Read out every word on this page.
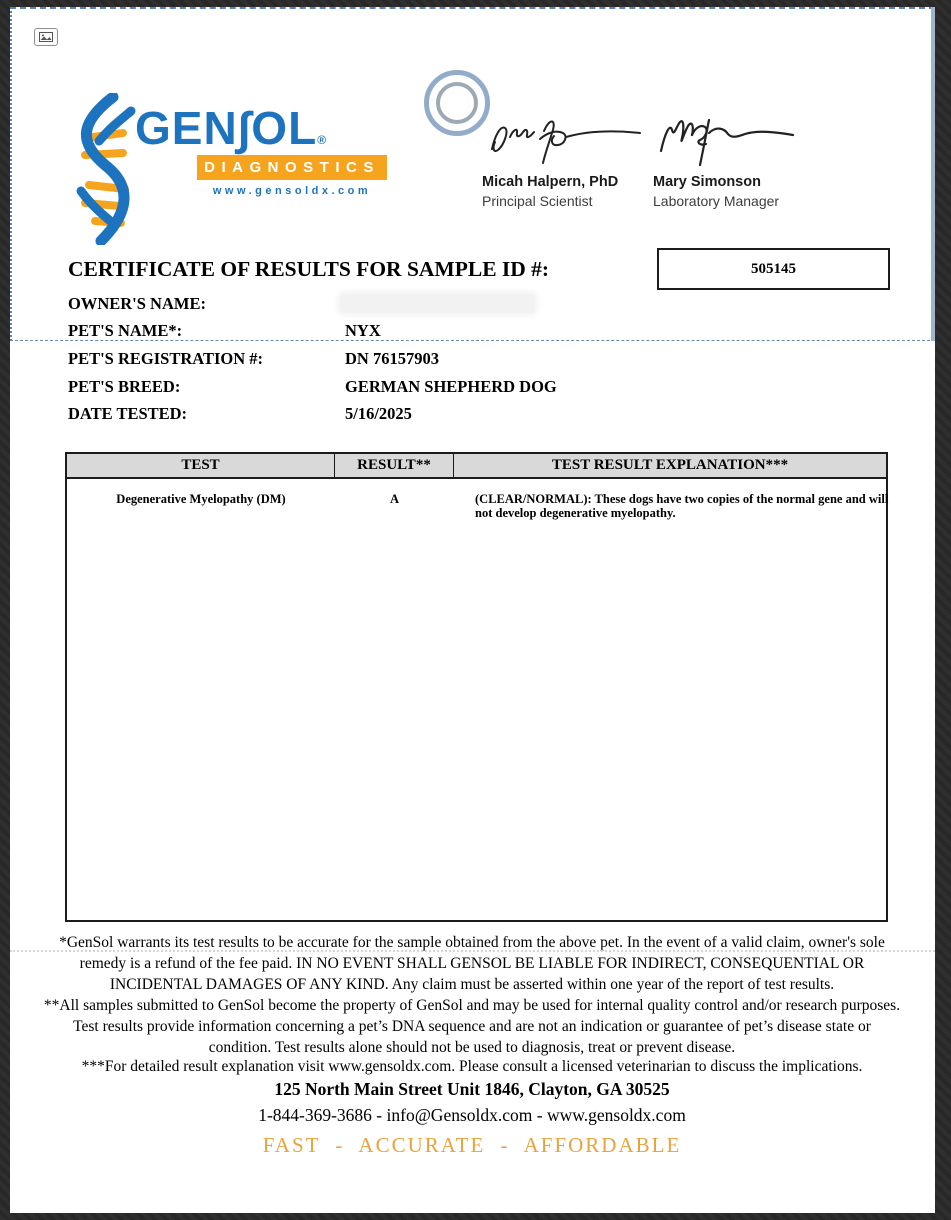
GEN∫OL®
DIAGNOSTICS
www.gensoldx.com
Micah Halpern, PhD
Principal Scientist
Mary Simonson
Laboratory Manager
CERTIFICATE OF RESULTS FOR SAMPLE ID #:	505145
OWNER'S NAME:
PET'S NAME*:	NYX
PET'S REGISTRATION #:	DN 76157903
PET'S BREED:	GERMAN SHEPHERD DOG
DATE TESTED:	5/16/2025
TEST	RESULT**	TEST RESULT EXPLANATION***
Degenerative Myelopathy (DM)	A	(CLEAR/NORMAL): These dogs have two copies of the normal gene and will not develop degenerative myelopathy.
*GenSol warrants its test results to be accurate for the sample obtained from the above pet. In the event of a valid claim, owner's sole remedy is a refund of the fee paid. IN NO EVENT SHALL GENSOL BE LIABLE FOR INDIRECT, CONSEQUENTIAL OR INCIDENTAL DAMAGES OF ANY KIND. Any claim must be asserted within one year of the report of test results.
**All samples submitted to GenSol become the property of GenSol and may be used for internal quality control and/or research purposes. Test results provide information concerning a pet’s DNA sequence and are not an indication or guarantee of pet’s disease state or condition. Test results alone should not be used to diagnosis, treat or prevent disease.
***For detailed result explanation visit www.gensoldx.com. Please consult a licensed veterinarian to discuss the implications.
125 North Main Street Unit 1846, Clayton, GA 30525
1-844-369-3686 - info@Gensoldx.com - www.gensoldx.com
FAST - ACCURATE - AFFORDABLE
